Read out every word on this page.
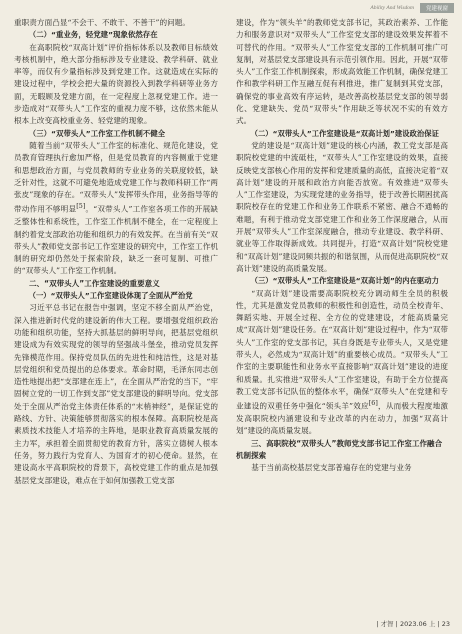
Ability And Wisdom	党建视窗

重职责方面凸显“不会干、不敢干、不善干”的问题。

（二）“重业务，轻党建”现象依然存在

在高职院校“双高计划”评价指标体系以及教师目标绩效考核机制中，绝大部分指标涉及专业建设、教学科研、就业率等，而仅有少量指标涉及到党建工作。这就造成在实际的建设过程中，学校会把大量的资源投入到教学科研等业务方面，无暇顾及党建方面，在一定程度上忽视党建工作。进一步造成对“双带头人”工作室的重视力度不够，这依然未能从根本上改变高校重业务、轻党建的现象。

（三）“双带头人”工作室工作机制不健全

随着当前“双带头人”工作室的标准化、规范化建设，党员教育管理执行愈加严格，但是党员教育的内容侧重于党建和思想政治方面，与党员教师的专业业务的关联度较低，缺乏针对性，这就不可避免地造成党建工作与教师科研工作“两张皮”现象的存在。“双带头人”发挥带头作用，业务指导等的带动作用不够明显[5]。“双带头人”工作室各项工作的开展缺乏整体性和系统性，工作室工作机制不健全，在一定程度上制约着党支部政治功能和组织力的有效发挥。在当前有关“双带头人”教师党支部书记工作室建设的研究中，工作室工作机制的研究却仍然处于探索阶段，缺乏一套可复制、可推广的“双带头人”工作室工作机制。

二、“双带头人”工作室建设的重要意义
（一）“双带头人”工作室建设体现了全面从严治党

习近平总书记在报告中强调，坚定不移全面从严治党，深入推进新时代党的建设新的伟大工程。要增强党组织政治功能和组织功能，坚持大抓基层的鲜明导向，把基层党组织建设成为有效实现党的领导的坚强战斗堡垒，推动党员发挥先锋模范作用。保持党员队伍的先进性和纯洁性，这是对基层党组织和党员提出的总体要求。革命时期，毛泽东同志创造性地提出把“支部建在连上”，在全面从严治党的当下，“牢固树立党的一切工作到支部”党支部建设的鲜明导向。党支部处于全面从严治党主体责任体系的“末梢神经”，是保证党的路线、方针、决策能够贯彻落实的根本保障。高职院校是高素质技术技能人才培养的主阵地，是职业教育高质量发展的主力军，承担着全面贯彻党的教育方针，落实立德树人根本任务，努力践行为党育人、为国育才的初心使命。显然，在建设高水平高职院校的背景下，高校党建工作的重点是加强基层党支部建设，难点在于如何加强教工党支部

建设，作为“领头羊”的教师党支部书记，其政治素养、工作能力和服务意识对“双带头人”工作室党支部的建设效果发挥着不可替代的作用。“双带头人”工作室党支部的工作机制可推广可复制，对基层党支部建设具有示范引领作用。因此，开展“双带头人”工作室工作机制探索，形成高效能工作机制，确保党建工作和教学科研工作互融互促有利推进，推广复制到其党支部，确保党的事业高效有序运转，是改善高校基层党支部的领导弱化、党建缺失、党员“双带头”作用缺乏等状况不实的有效方式。

（二）“双带头人”工作室建设是“双高计划”建设政治保证

党的建设是“双高计划”建设的核心内涵，教工党支部是高职院校党建的中流砥柱，“双带头人”工作室建设的效果，直接反映党支部核心作用的发挥和党建质量的高低，直接决定着“双高计划”建设的开展和政治方向能否放宽。有效推进“双带头人”工作室建设，为实现党建的业务指导，使于改善长期困扰高职院校存在的党建工作和业务工作联系不紧密、融合不通畅的难题，有利于推动党支部党建工作和业务工作深度融合，从而开展“双带头人”工作室深度融合，推动专业建设、教学科研、就业等工作取得新成效。共同提升，打造“双高计划”院校党建和“双高计划”建设同频共振的和谐氛围，从而促进高职院校“双高计划”建设的高质量发展。

（三）“双带头人”工作室建设是“双高计划”的内在驱动力

“双高计划”建设需要高职院校充分调动师生全员的积极性，尤其是激发党员教师的积极性和创造性，动员全校青年、舞蹈实地、开展全过程、全方位的党建建设，才能高质量完成“双高计划”建设任务。在“双高计划”建设过程中，作为“双带头人”工作室的党支部书记，其自身既是专业带头人，又是党建带头人，必然成为“双高计划”的重要核心成员。“双带头人”工作室的主要职能性和业务水平直接影响“双高计划”建设的进度和质量。扎实推进“双带头人”工作室建设，有助于全方位提高教工党支部书记队伍的整体水平，确保“双带头人”在党建和专业建设的双重任务中强化“领头羊”效应[6]，从而极大程度地激发高职院校内涵建设和专业改革的内在动力，加强“双高计划”建设的高质量发展。

三、高职院校“双带头人”教师党支部书记工作室工作融合机制探索

基于当前高校基层党支部普遍存在的党建与业务

| 才智 | 2023.06 上 | 23
